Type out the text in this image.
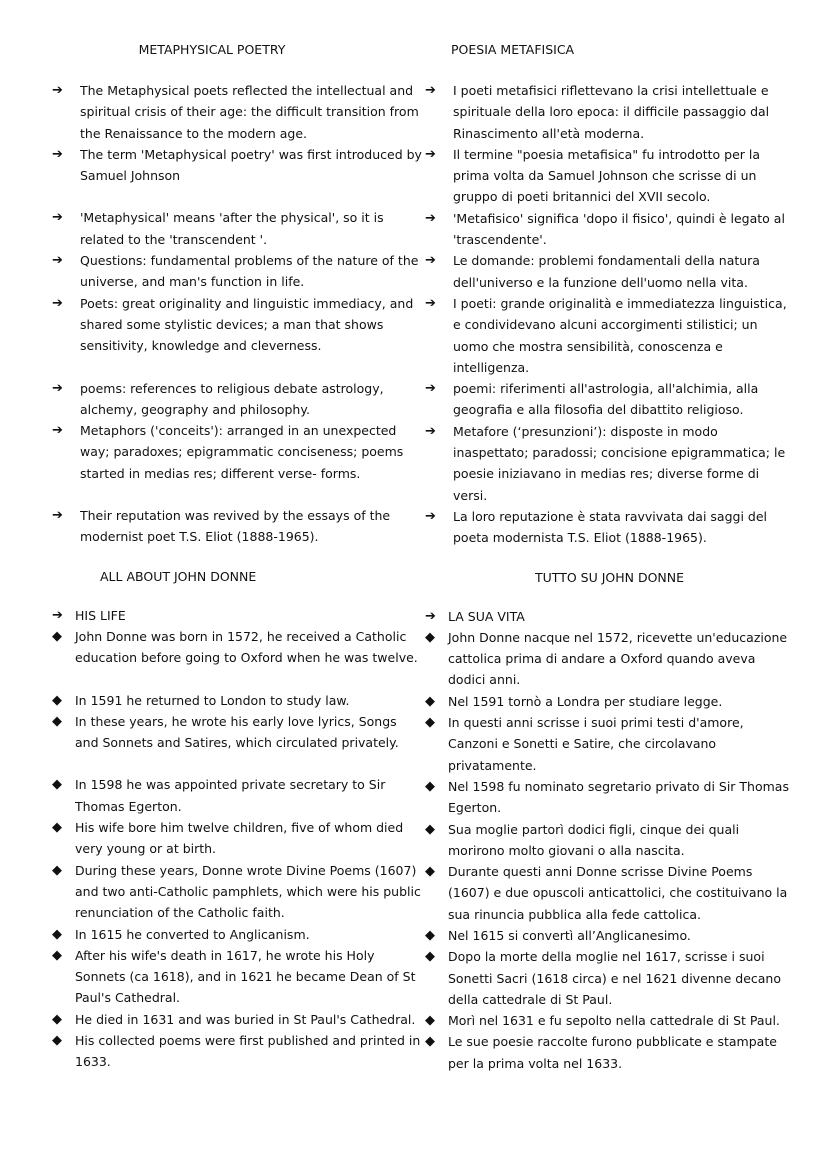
METAPHYSICAL POETRY

➔	The Metaphysical poets reflected the intellectual and spiritual crisis of their age: the difficult transition from the Renaissance to the modern age.
➔	The term 'Metaphysical poetry' was first introduced by Samuel Johnson
➔	'Metaphysical' means 'after the physical', so it is related to the 'transcendent '.
➔	Questions: fundamental problems of the nature of the universe, and man's function in life.
➔	Poets: great originality and linguistic immediacy, and shared some stylistic devices; a man that shows sensitivity, knowledge and cleverness.
➔	poems: references to religious debate astrology, alchemy, geography and philosophy.
➔	Metaphors ('conceits'): arranged in an unexpected way; paradoxes; epigrammatic conciseness; poems started in medias res; different verse- forms.
➔	Their reputation was revived by the essays of the modernist poet T.S. Eliot (1888-1965).

ALL ABOUT JOHN DONNE

➔ HIS LIFE
◆	John Donne was born in 1572, he received a Catholic education before going to Oxford when he was twelve.
◆	In 1591 he returned to London to study law.
◆	In these years, he wrote his early love lyrics, Songs and Sonnets and Satires, which circulated privately.
◆	In 1598 he was appointed private secretary to Sir Thomas Egerton.
◆	His wife bore him twelve children, five of whom died very young or at birth.
◆	During these years, Donne wrote Divine Poems (1607) and two anti-Catholic pamphlets, which were his public renunciation of the Catholic faith.
◆	In 1615 he converted to Anglicanism.
◆	After his wife's death in 1617, he wrote his Holy Sonnets (ca 1618), and in 1621 he became Dean of St Paul's Cathedral.
◆	He died in 1631 and was buried in St Paul's Cathedral.
◆	His collected poems were first published and printed in 1633.

POESIA METAFISICA

➔	I poeti metafisici riflettevano la crisi intellettuale e spirituale della loro epoca: il difficile passaggio dal Rinascimento all'età moderna.
➔	Il termine "poesia metafisica" fu introdotto per la prima volta da Samuel Johnson che scrisse di un gruppo di poeti britannici del XVII secolo.
➔	'Metafisico' significa 'dopo il fisico', quindi è legato al 'trascendente'.
➔	Le domande: problemi fondamentali della natura dell'universo e la funzione dell'uomo nella vita.
➔	I poeti: grande originalità e immediatezza linguistica, e condividevano alcuni accorgimenti stilistici; un uomo che mostra sensibilità, conoscenza e intelligenza.
➔	poemi: riferimenti all'astrologia, all'alchimia, alla geografia e alla filosofia del dibattito religioso.
➔	Metafore (‘presunzioni’): disposte in modo inaspettato; paradossi; concisione epigrammatica; le poesie iniziavano in medias res; diverse forme di versi.
➔	La loro reputazione è stata ravvivata dai saggi del poeta modernista T.S. Eliot (1888-1965).

TUTTO SU JOHN DONNE

➔ LA SUA VITA
◆	John Donne nacque nel 1572, ricevette un'educazione cattolica prima di andare a Oxford quando aveva dodici anni.
◆	Nel 1591 tornò a Londra per studiare legge.
◆	In questi anni scrisse i suoi primi testi d'amore, Canzoni e Sonetti e Satire, che circolavano privatamente.
◆	Nel 1598 fu nominato segretario privato di Sir Thomas Egerton.
◆	Sua moglie partorì dodici figli, cinque dei quali morirono molto giovani o alla nascita.
◆	Durante questi anni Donne scrisse Divine Poems (1607) e due opuscoli anticattolici, che costituivano la sua rinuncia pubblica alla fede cattolica.
◆	Nel 1615 si convertì all’Anglicanesimo.
◆	Dopo la morte della moglie nel 1617, scrisse i suoi Sonetti Sacri (1618 circa) e nel 1621 divenne decano della cattedrale di St Paul.
◆	Morì nel 1631 e fu sepolto nella cattedrale di St Paul.
◆	Le sue poesie raccolte furono pubblicate e stampate per la prima volta nel 1633.
